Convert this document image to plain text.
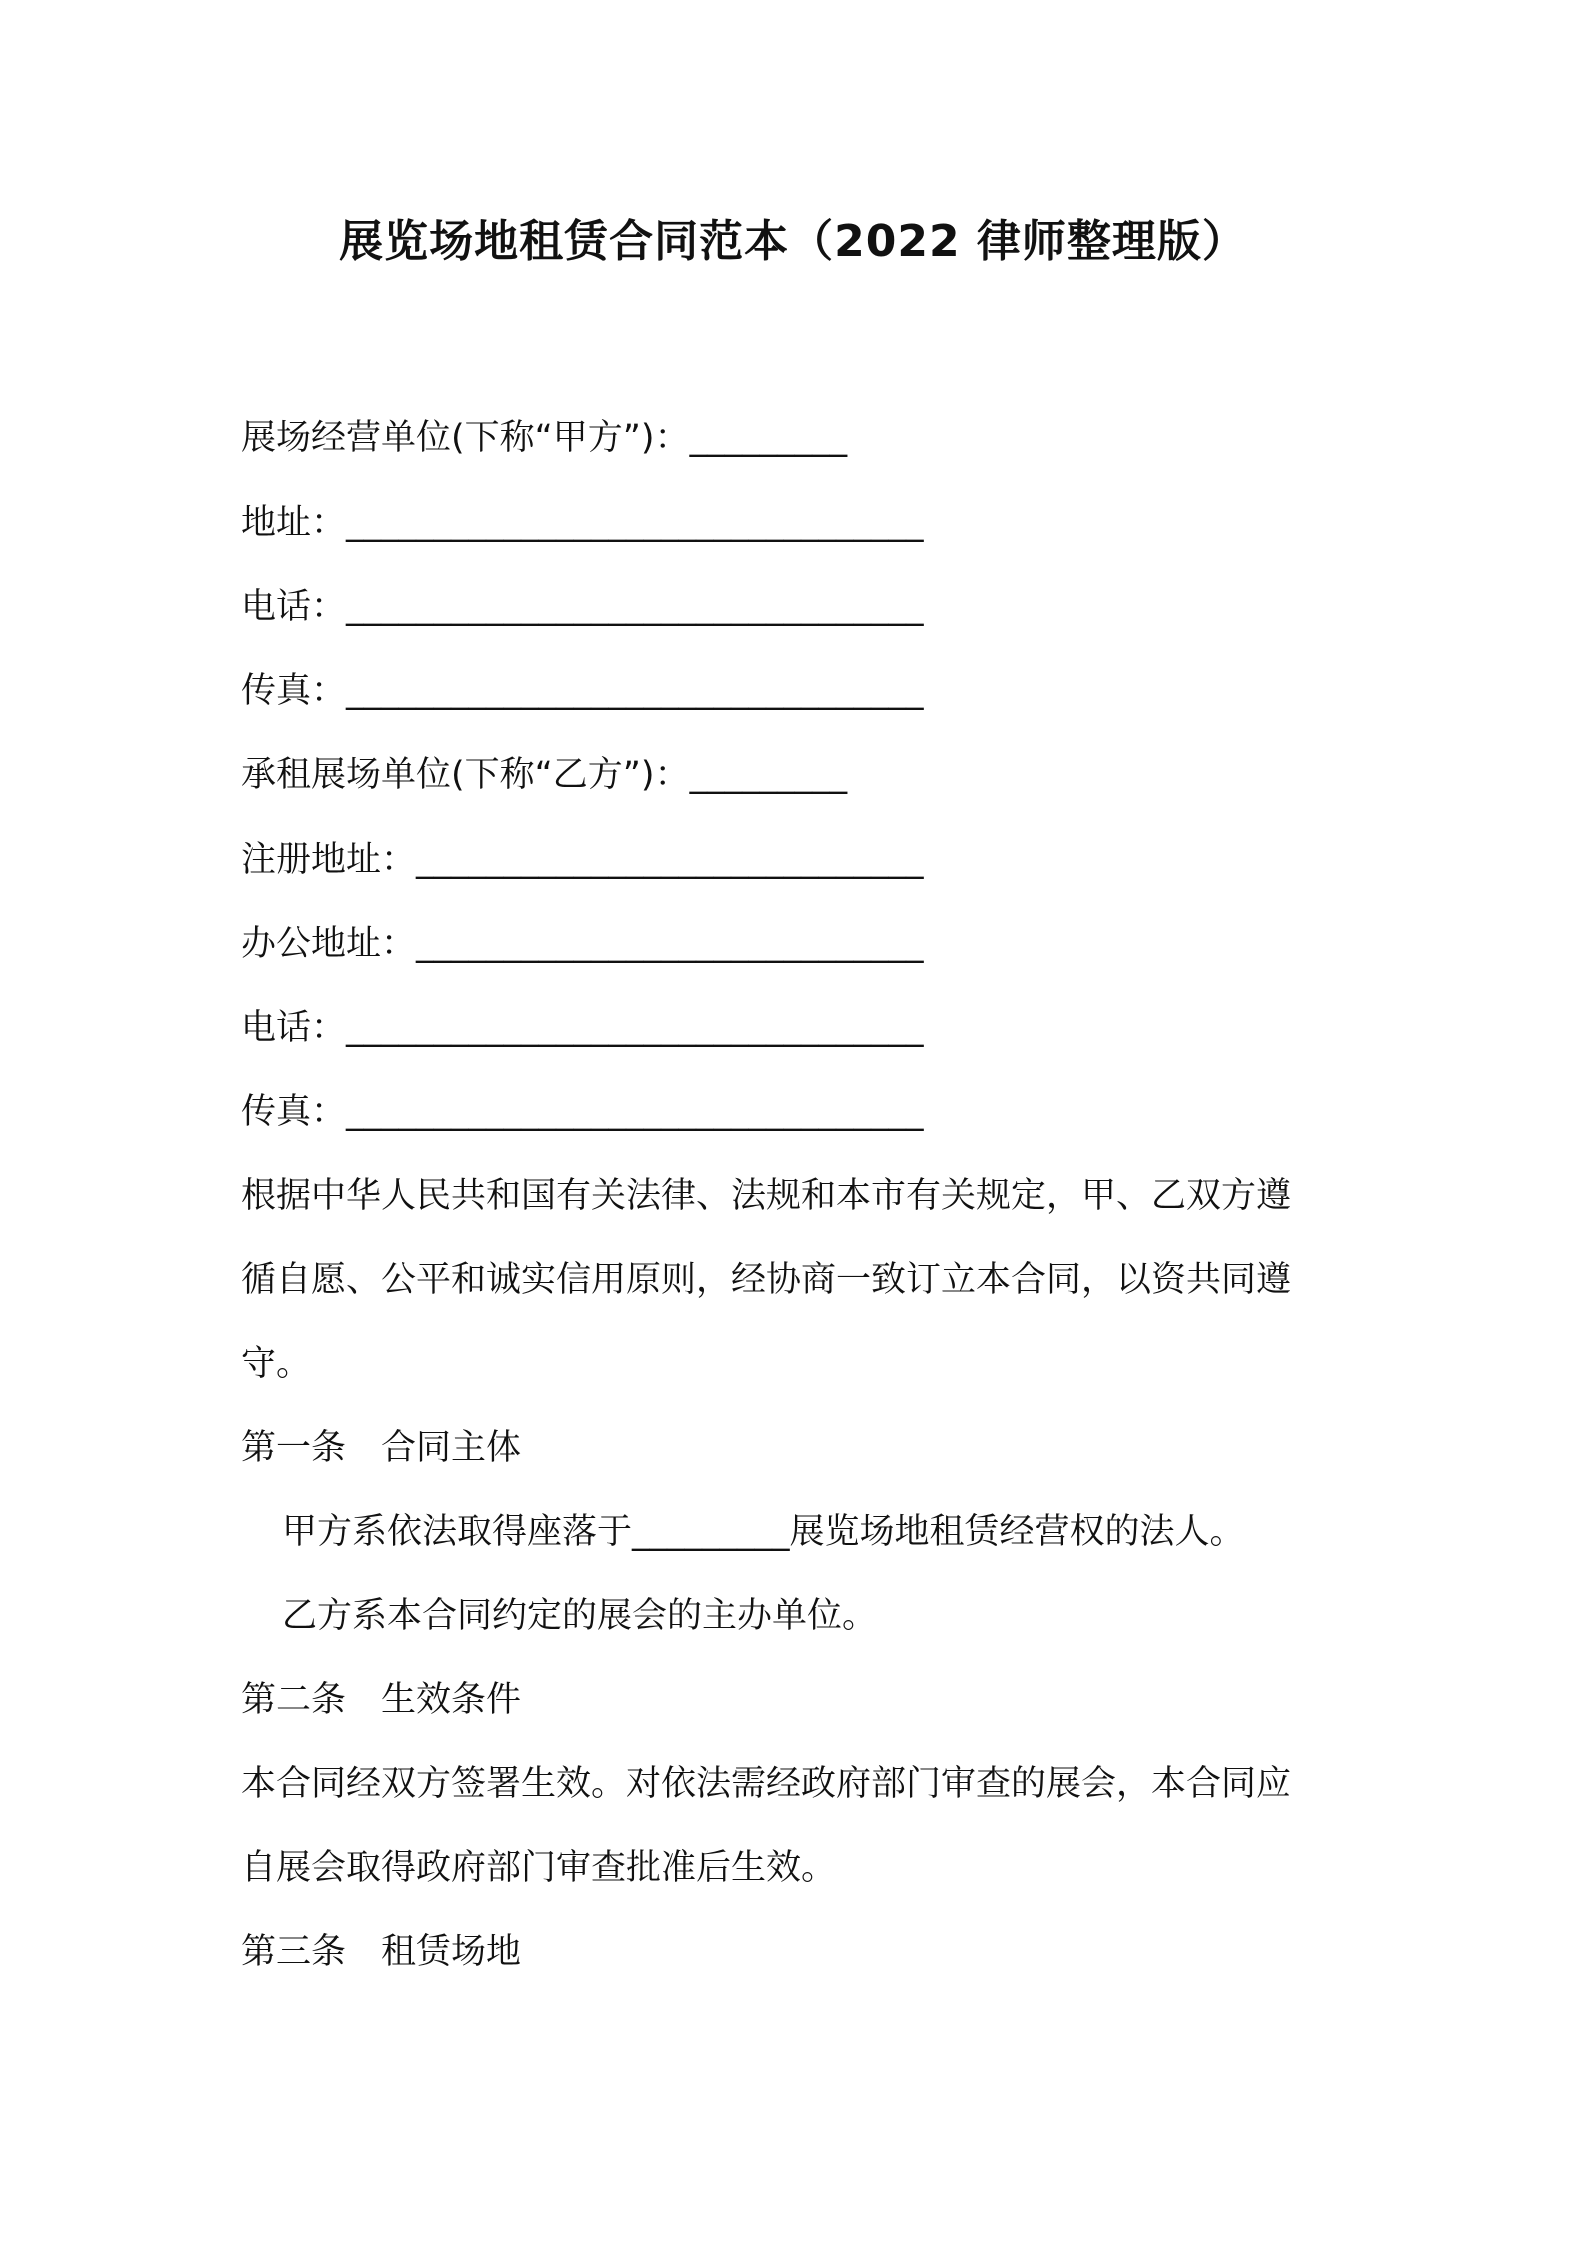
展览场地租赁合同范本（2022 律师整理版）
展场经营单位(下称“甲方”)：_________
地址：_________________________________
电话：_________________________________
传真：_________________________________
承租展场单位(下称“乙方”)：_________
注册地址：_____________________________
办公地址：_____________________________
电话：_________________________________
传真：_________________________________
根据中华人民共和国有关法律、法规和本市有关规定，甲、乙双方遵
循自愿、公平和诚实信用原则，经协商一致订立本合同，以资共同遵
守。
第一条　合同主体
甲方系依法取得座落于_________展览场地租赁经营权的法人。
乙方系本合同约定的展会的主办单位。
第二条　生效条件
本合同经双方签署生效。对依法需经政府部门审查的展会，本合同应
自展会取得政府部门审查批准后生效。
第三条　租赁场地
